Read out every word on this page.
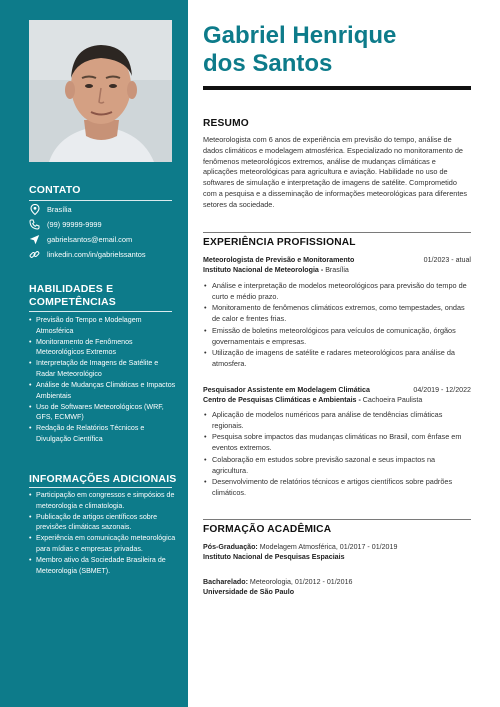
CONTATO
Brasília
(99) 99999-9999
gabrielsantos@email.com
linkedin.com/in/gabrielssantos
HABILIDADES E
COMPETÊNCIAS
• Previsão do Tempo e Modelagem Atmosférica
• Monitoramento de Fenômenos Meteorológicos Extremos
• Interpretação de Imagens de Satélite e Radar Meteorológico
• Análise de Mudanças Climáticas e Impactos Ambientais
• Uso de Softwares Meteorológicos (WRF, GFS, ECMWF)
• Redação de Relatórios Técnicos e Divulgação Científica
INFORMAÇÕES ADICIONAIS
• Participação em congressos e simpósios de meteorologia e climatologia.
• Publicação de artigos científicos sobre previsões climáticas sazonais.
• Experiência em comunicação meteorológica para mídias e empresas privadas.
• Membro ativo da Sociedade Brasileira de Meteorologia (SBMET).
Gabriel Henrique
dos Santos
RESUMO
Meteorologista com 6 anos de experiência em previsão do tempo, análise de dados climáticos e modelagem atmosférica. Especializado no monitoramento de fenômenos meteorológicos extremos, análise de mudanças climáticas e aplicações meteorológicas para agricultura e aviação. Habilidade no uso de softwares de simulação e interpretação de imagens de satélite. Comprometido com a pesquisa e a disseminação de informações meteorológicas para diferentes setores da sociedade.
EXPERIÊNCIA PROFISSIONAL
Meteorologista de Previsão e Monitoramento	01/2023 - atual
Instituto Nacional de Meteorologia - Brasília
• Análise e interpretação de modelos meteorológicos para previsão do tempo de curto e médio prazo.
• Monitoramento de fenômenos climáticos extremos, como tempestades, ondas de calor e frentes frias.
• Emissão de boletins meteorológicos para veículos de comunicação, órgãos governamentais e empresas.
• Utilização de imagens de satélite e radares meteorológicos para análise da atmosfera.
Pesquisador Assistente em Modelagem Climática	04/2019 - 12/2022
Centro de Pesquisas Climáticas e Ambientais - Cachoeira Paulista
• Aplicação de modelos numéricos para análise de tendências climáticas regionais.
• Pesquisa sobre impactos das mudanças climáticas no Brasil, com ênfase em eventos extremos.
• Colaboração em estudos sobre previsão sazonal e seus impactos na agricultura.
• Desenvolvimento de relatórios técnicos e artigos científicos sobre padrões climáticos.
FORMAÇÃO ACADÊMICA
Pós-Graduação: Modelagem Atmosférica, 01/2017 - 01/2019
Instituto Nacional de Pesquisas Espaciais
Bacharelado: Meteorologia, 01/2012 - 01/2016
Universidade de São Paulo
